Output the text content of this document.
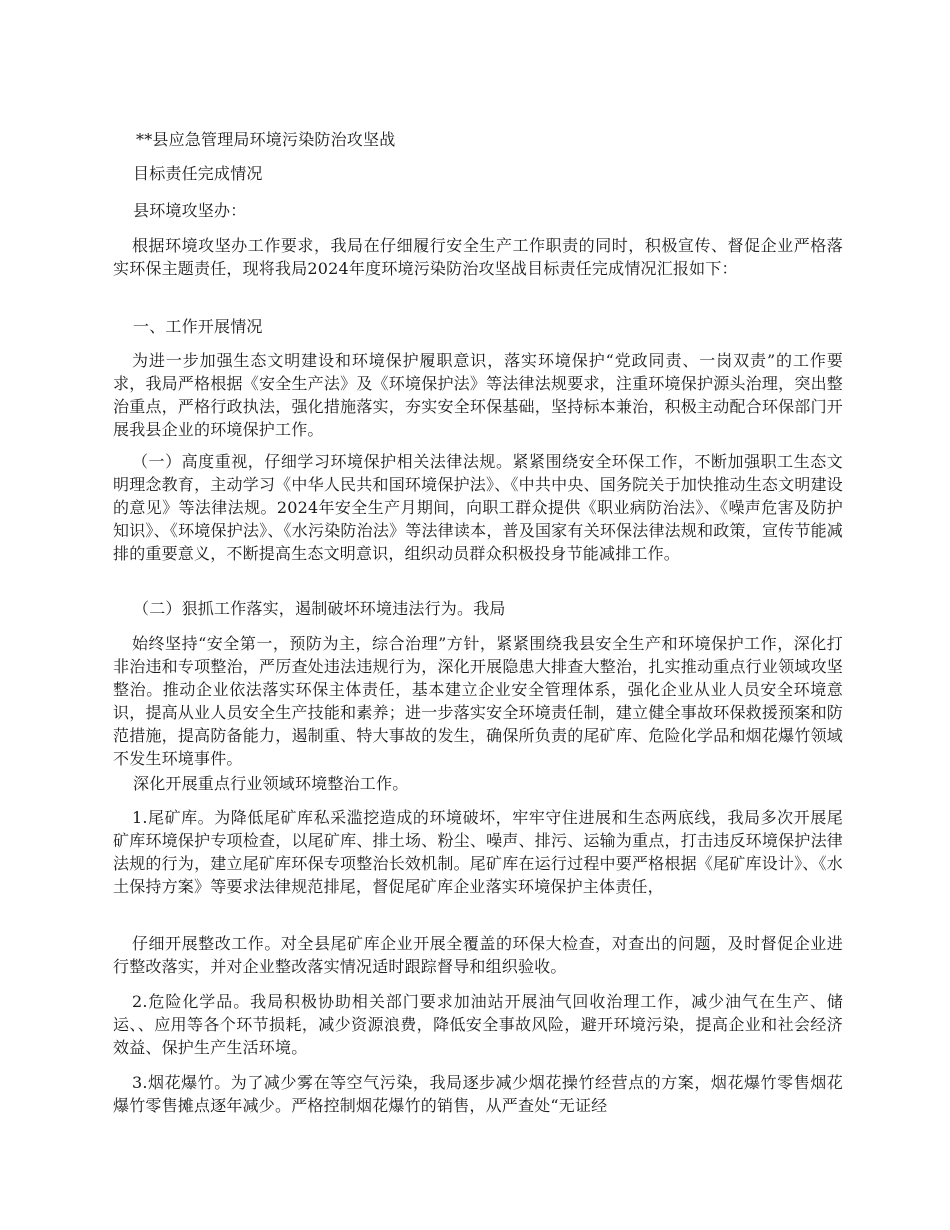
**县应急管理局环境污染防治攻坚战

目标责任完成情况

县环境攻坚办：

根据环境攻坚办工作要求，我局在仔细履行安全生产工作职责的同时，积极宣传、督促企业严格落实环保主题责任，现将我局2024年度环境污染防治攻坚战目标责任完成情况汇报如下：

一、工作开展情况

为进一步加强生态文明建设和环境保护履职意识，落实环境保护“党政同责、一岗双责”的工作要求，我局严格根据《安全生产法》及《环境保护法》等法律法规要求，注重环境保护源头治理，突出整治重点，严格行政执法，强化措施落实，夯实安全环保基础，坚持标本兼治，积极主动配合环保部门开展我县企业的环境保护工作。

（一）高度重视，仔细学习环境保护相关法律法规。紧紧围绕安全环保工作，不断加强职工生态文明理念教育，主动学习《中华人民共和国环境保护法》、《中共中央、国务院关于加快推动生态文明建设的意见》等法律法规。2024年安全生产月期间，向职工群众提供《职业病防治法》、《噪声危害及防护知识》、《环境保护法》、《水污染防治法》等法律读本，普及国家有关环保法律法规和政策，宣传节能减排的重要意义，不断提高生态文明意识，组织动员群众积极投身节能减排工作。

（二）狠抓工作落实，遏制破坏环境违法行为。我局

始终坚持“安全第一，预防为主，综合治理”方针，紧紧围绕我县安全生产和环境保护工作，深化打非治违和专项整治，严厉查处违法违规行为，深化开展隐患大排查大整治，扎实推动重点行业领域攻坚整治。推动企业依法落实环保主体责任，基本建立企业安全管理体系，强化企业从业人员安全环境意识，提高从业人员安全生产技能和素养；进一步落实安全环境责任制，建立健全事故环保救援预案和防范措施，提高防备能力，遏制重、特大事故的发生，确保所负责的尾矿库、危险化学品和烟花爆竹领域不发生环境事件。

深化开展重点行业领域环境整治工作。

1.尾矿库。为降低尾矿库私采滥挖造成的环境破坏，牢牢守住进展和生态两底线，我局多次开展尾矿库环境保护专项检查，以尾矿库、排土场、粉尘、噪声、排污、运输为重点，打击违反环境保护法律法规的行为，建立尾矿库环保专项整治长效机制。尾矿库在运行过程中要严格根据《尾矿库设计》、《水土保持方案》等要求法律规范排尾，督促尾矿库企业落实环境保护主体责任，

仔细开展整改工作。对全县尾矿库企业开展全覆盖的环保大检查，对查出的问题，及时督促企业进行整改落实，并对企业整改落实情况适时跟踪督导和组织验收。

2.危险化学品。我局积极协助相关部门要求加油站开展油气回收治理工作，减少油气在生产、储运、、应用等各个环节损耗，减少资源浪费，降低安全事故风险，避开环境污染，提高企业和社会经济效益、保护生产生活环境。

3.烟花爆竹。为了减少雾在等空气污染，我局逐步减少烟花操竹经营点的方案，烟花爆竹零售烟花爆竹零售摊点逐年减少。严格控制烟花爆竹的销售，从严查处“无证经
